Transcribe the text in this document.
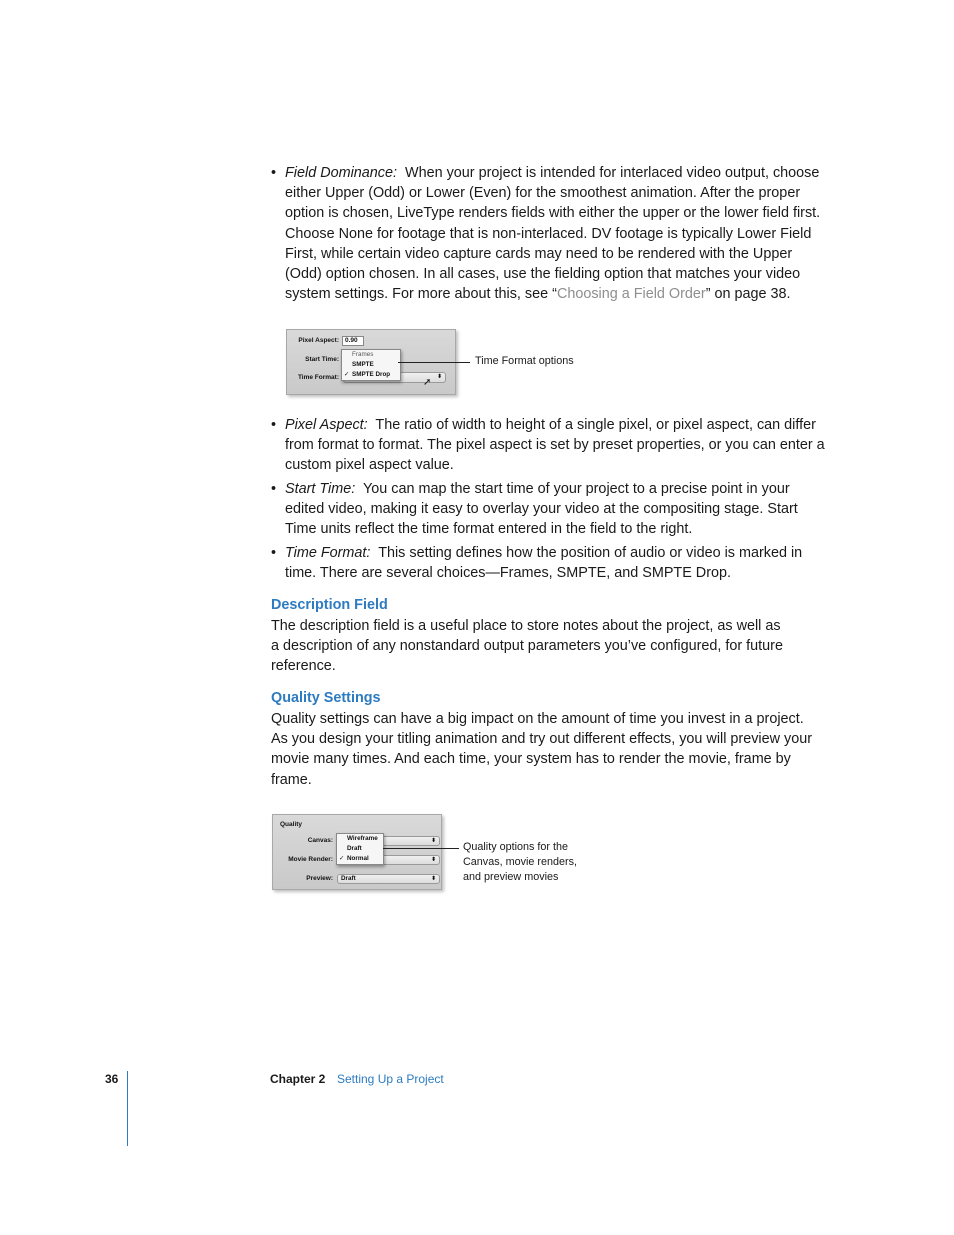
• Field Dominance: When your project is intended for interlaced video output, choose either Upper (Odd) or Lower (Even) for the smoothest animation. After the proper option is chosen, LiveType renders fields with either the upper or the lower field first. Choose None for footage that is non-interlaced. DV footage is typically Lower Field First, while certain video capture cards may need to be rendered with the Upper (Odd) option chosen. In all cases, use the fielding option that matches your video system settings. For more about this, see “Choosing a Field Order” on page 38.
Pixel Aspect: 0.90
Start Time:
Time Format:	⬍
Frames
SMPTE
✓ SMPTE Drop
➚
Time Format options
• Pixel Aspect: The ratio of width to height of a single pixel, or pixel aspect, can differ from format to format. The pixel aspect is set by preset properties, or you can enter a custom pixel aspect value.
• Start Time: You can map the start time of your project to a precise point in your edited video, making it easy to overlay your video at the compositing stage. Start Time units reflect the time format entered in the field to the right.
• Time Format: This setting defines how the position of audio or video is marked in time. There are several choices—Frames, SMPTE, and SMPTE Drop.
Description Field

The description field is a useful place to store notes about the project, as well as a description of any nonstandard output parameters you’ve configured, for future reference.

Quality Settings

Quality settings can have a big impact on the amount of time you invest in a project. As you design your titling animation and try out different effects, you will preview your movie many times. And each time, your system has to render the movie, frame by frame.

Quality
Canvas:	⬍
Movie Render:	⬍
Preview:	Draft	⬍
Wireframe
Draft
✓ Normal
Quality options for the
Canvas, movie renders,
and preview movies
36	Chapter 2 Setting Up a Project
